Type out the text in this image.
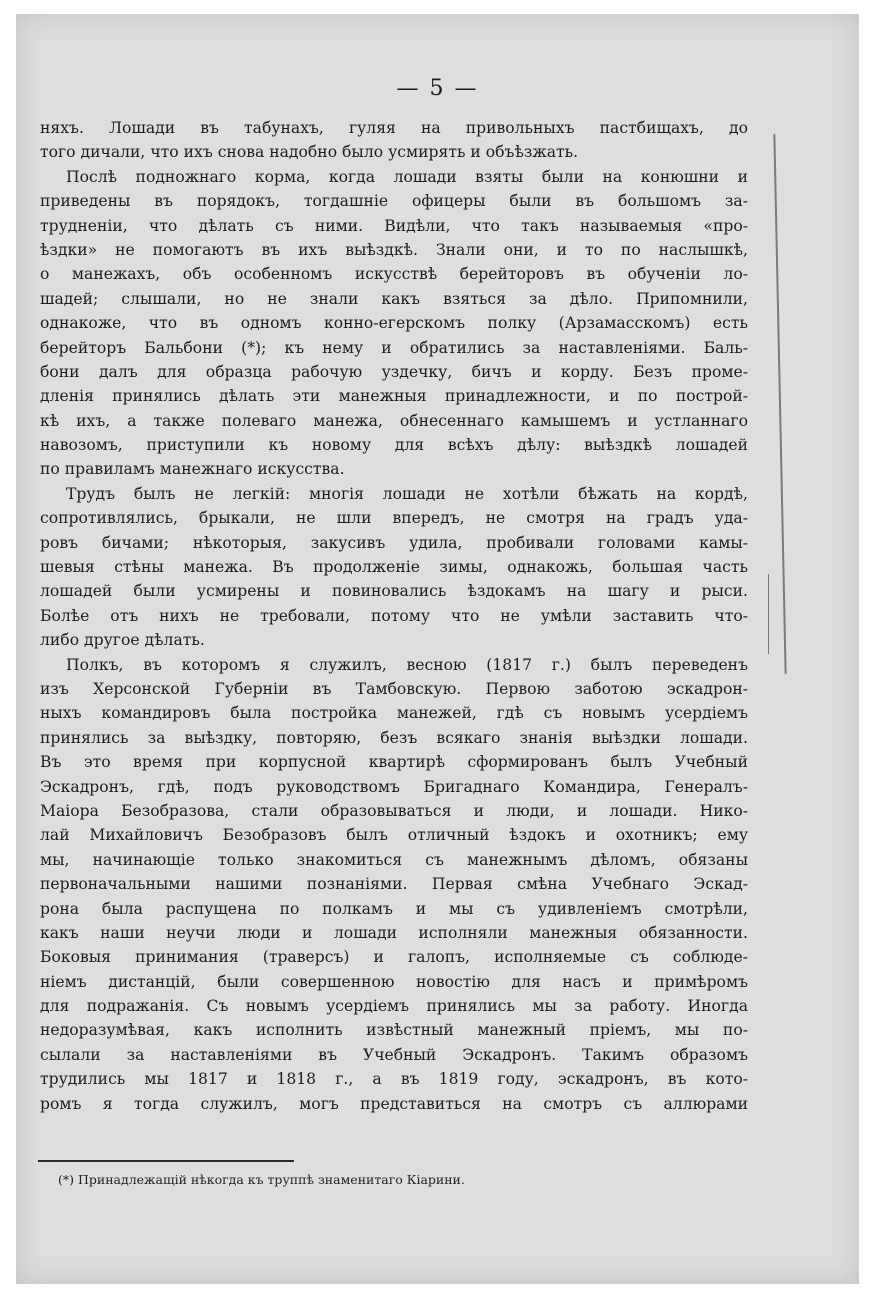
— 5 —
няхъ. Лошади въ табунахъ, гуляя на привольныхъ пастбищахъ, до
того дичали, что ихъ снова надобно было усмирять и объѣзжать.
Послѣ подножнаго корма, когда лошади взяты были на конюшни и
приведены въ порядокъ, тогдашніе офицеры были въ большомъ за-
трудненіи, что дѣлать съ ними. Видѣли, что такъ называемыя «про-
ѣздки» не помогаютъ въ ихъ выѣздкѣ. Знали они, и то по наслышкѣ,
о манежахъ, объ особенномъ искусствѣ берейторовъ въ обученіи ло-
шадей; слышали, но не знали какъ взяться за дѣло. Припомнили,
однакоже, что въ одномъ конно-егерскомъ полку (Арзамасскомъ) есть
берейторъ Бальбони (*); къ нему и обратились за наставленіями. Баль-
бони далъ для образца рабочую уздечку, бичъ и корду. Безъ проме-
дленія принялись дѣлать эти манежныя принадлежности, и по построй-
кѣ ихъ, а также полеваго манежа, обнесеннаго камышемъ и устланнаго
навозомъ, приступили къ новому для всѣхъ дѣлу: выѣздкѣ лошадей
по правиламъ манежнаго искусства.
Трудъ былъ не легкій: многія лошади не хотѣли бѣжать на кордѣ,
сопротивлялись, брыкали, не шли впередъ, не смотря на градъ уда-
ровъ бичами; нѣкоторыя, закусивъ удила, пробивали головами камы-
шевыя стѣны манежа. Въ продолженіе зимы, однакожь, большая часть
лошадей были усмирены и повиновались ѣздокамъ на шагу и рыси.
Болѣе отъ нихъ не требовали, потому что не умѣли заставить что-
либо другое дѣлать.
Полкъ, въ которомъ я служилъ, весною (1817 г.) былъ переведенъ
изъ Херсонской Губерніи въ Тамбовскую. Первою заботою эскадрон-
ныхъ командировъ была постройка манежей, гдѣ съ новымъ усердіемъ
принялись за выѣздку, повторяю, безъ всякаго знанія выѣздки лошади.
Въ это время при корпусной квартирѣ сформированъ былъ Учебный
Эскадронъ, гдѣ, подъ руководствомъ Бригаднаго Командира, Генералъ-
Маіора Безобразова, стали образовываться и люди, и лошади. Нико-
лай Михайловичъ Безобразовъ былъ отличный ѣздокъ и охотникъ; ему
мы, начинающіе только знакомиться съ манежнымъ дѣломъ, обязаны
первоначальными нашими познаніями. Первая смѣна Учебнаго Эскад-
рона была распущена по полкамъ и мы съ удивленіемъ смотрѣли,
какъ наши неучи люди и лошади исполняли манежныя обязанности.
Боковыя принимания (траверсъ) и галопъ, исполняемые съ соблюде-
ніемъ дистанцій, были совершенною новостію для насъ и примѣромъ
для подражанія. Съ новымъ усердіемъ принялись мы за работу. Иногда
недоразумѣвая, какъ исполнить извѣстный манежный пріемъ, мы по-
сылали за наставленіями въ Учебный Эскадронъ. Такимъ образомъ
трудились мы 1817 и 1818 г., а въ 1819 году, эскадронъ, въ кото-
ромъ я тогда служилъ, могъ представиться на смотръ съ аллюрами
(*) Принадлежащій нѣкогда къ труппѣ знаменитаго Кіарини.
